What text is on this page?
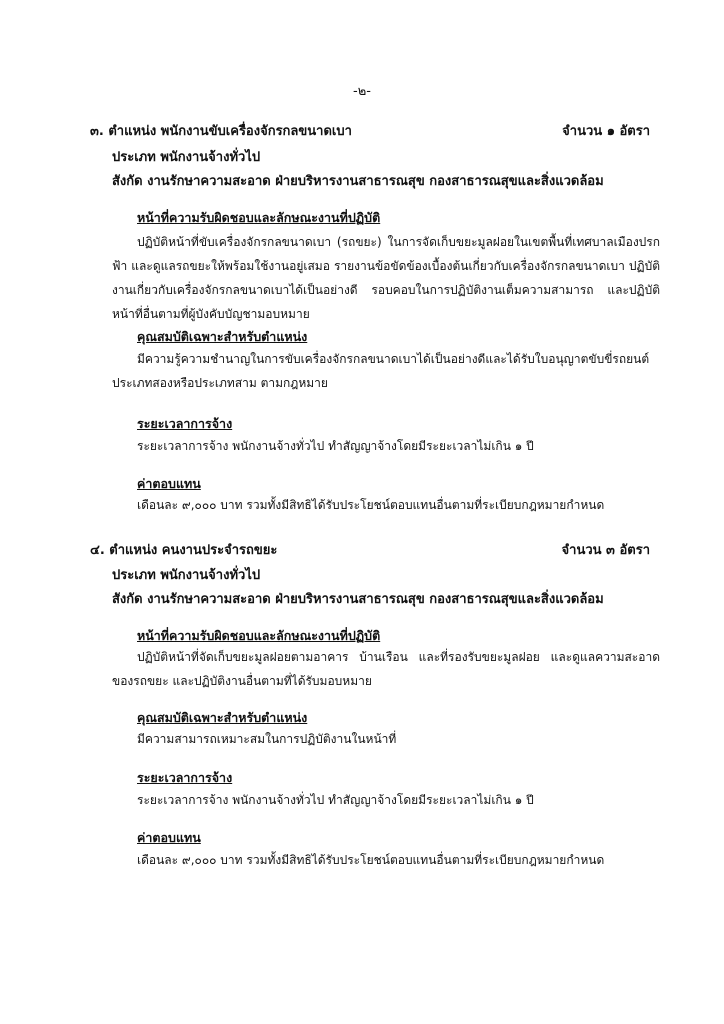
-๒-
๓. ตำแหน่ง พนักงานขับเครื่องจักรกลขนาดเบา	จำนวน ๑ อัตรา
ประเภท พนักงานจ้างทั่วไป
สังกัด งานรักษาความสะอาด ฝ่ายบริหารงานสาธารณสุข กองสาธารณสุขและสิ่งแวดล้อม
หน้าที่ความรับผิดชอบและลักษณะงานที่ปฏิบัติ
ปฏิบัติหน้าที่ขับเครื่องจักรกลขนาดเบา (รถขยะ) ในการจัดเก็บขยะมูลฝอยในเขตพื้นที่เทศบาลเมืองปรกฟ้า และดูแลรถขยะให้พร้อมใช้งานอยู่เสมอ รายงานข้อขัดข้องเบื้องต้นเกี่ยวกับเครื่องจักรกลขนาดเบา ปฏิบัติงานเกี่ยวกับเครื่องจักรกลขนาดเบาได้เป็นอย่างดี รอบคอบในการปฏิบัติงานเต็มความสามารถ และปฏิบัติหน้าที่อื่นตามที่ผู้บังคับบัญชามอบหมาย
คุณสมบัติเฉพาะสำหรับตำแหน่ง
มีความรู้ความชำนาญในการขับเครื่องจักรกลขนาดเบาได้เป็นอย่างดีและได้รับใบอนุญาตขับขี่รถยนต์ประเภทสองหรือประเภทสาม ตามกฎหมาย
ระยะเวลาการจ้าง
ระยะเวลาการจ้าง พนักงานจ้างทั่วไป ทำสัญญาจ้างโดยมีระยะเวลาไม่เกิน ๑ ปี
ค่าตอบแทน
เดือนละ ๙,๐๐๐ บาท รวมทั้งมีสิทธิได้รับประโยชน์ตอบแทนอื่นตามที่ระเบียบกฎหมายกำหนด
๔. ตำแหน่ง คนงานประจำรถขยะ	จำนวน ๓ อัตรา
ประเภท พนักงานจ้างทั่วไป
สังกัด งานรักษาความสะอาด ฝ่ายบริหารงานสาธารณสุข กองสาธารณสุขและสิ่งแวดล้อม
หน้าที่ความรับผิดชอบและลักษณะงานที่ปฏิบัติ
ปฏิบัติหน้าที่จัดเก็บขยะมูลฝอยตามอาคาร บ้านเรือน และที่รองรับขยะมูลฝอย และดูแลความสะอาดของรถขยะ และปฏิบัติงานอื่นตามที่ได้รับมอบหมาย
คุณสมบัติเฉพาะสำหรับตำแหน่ง
มีความสามารถเหมาะสมในการปฏิบัติงานในหน้าที่
ระยะเวลาการจ้าง
ระยะเวลาการจ้าง พนักงานจ้างทั่วไป ทำสัญญาจ้างโดยมีระยะเวลาไม่เกิน ๑ ปี
ค่าตอบแทน
เดือนละ ๙,๐๐๐ บาท รวมทั้งมีสิทธิได้รับประโยชน์ตอบแทนอื่นตามที่ระเบียบกฎหมายกำหนด
